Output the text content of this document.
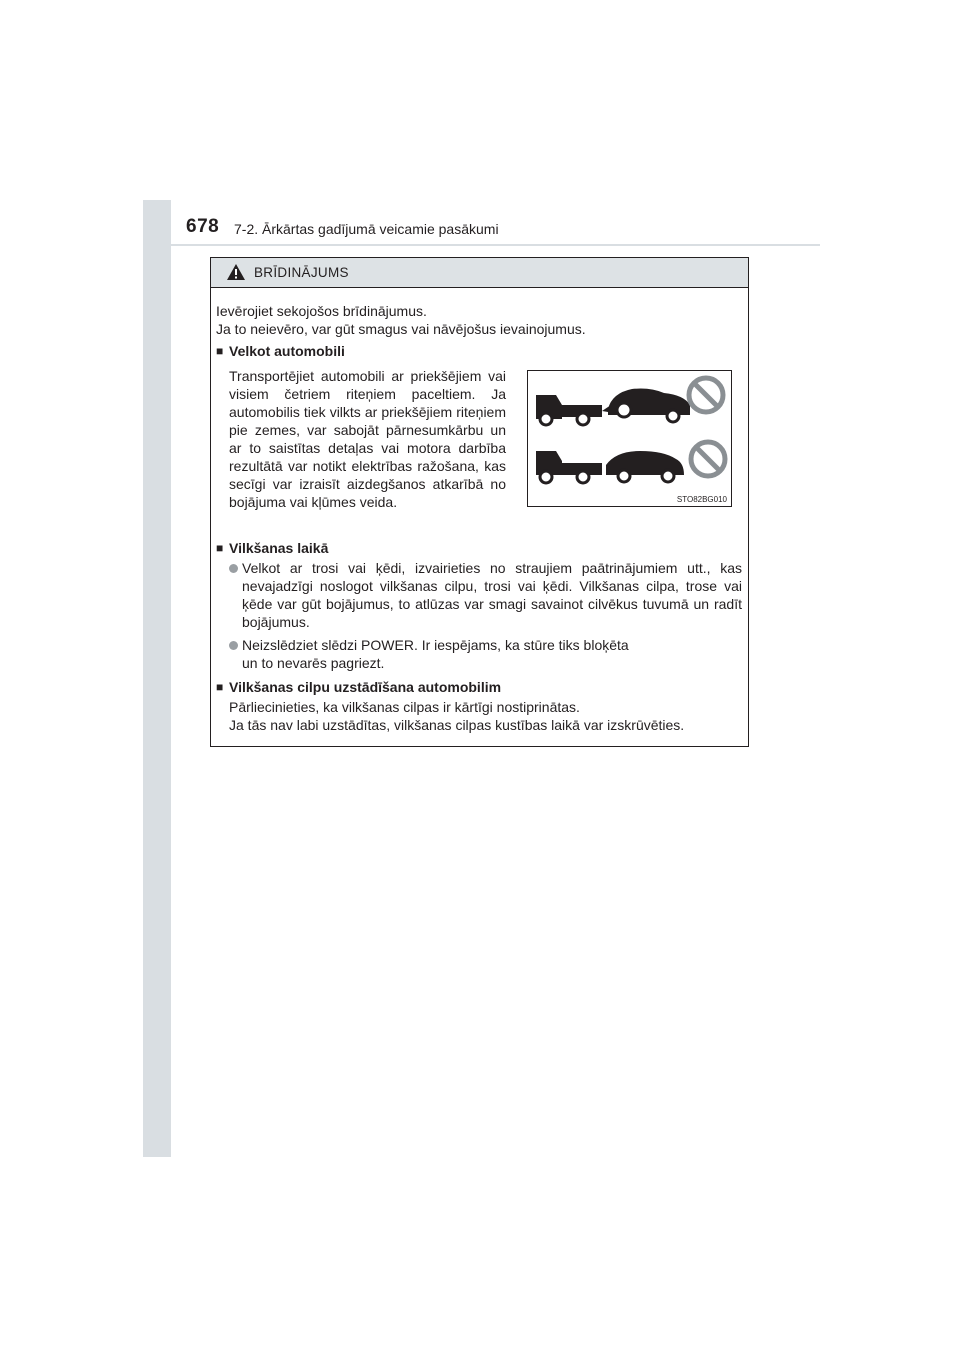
678 7-2. Ārkārtas gadījumā veicamie pasākumi
BRĪDINĀJUMS
Ievērojiet sekojošos brīdinājumus.
Ja to neievēro, var gūt smagus vai nāvējošus ievainojumus.
■ Velkot automobili
Transportējiet automobili ar priekšējiem vai visiem četriem riteņiem paceltiem. Ja automobilis tiek vilkts ar priekšējiem riteņiem pie zemes, var sabojāt pārnesumkārbu un ar to saistītas detaļas vai motora darbība rezultātā var notikt elektrības ražošana, kas secīgi var izraisīt aizdegšanos atkarībā no bojājuma vai kļūmes veida.	STO82BG010
■ Vilkšanas laikā
Velkot ar trosi vai ķēdi, izvairieties no straujiem paātrinājumiem utt., kas nevajadzīgi noslogot vilkšanas cilpu, trosi vai ķēdi. Vilkšanas cilpa, trose vai ķēde var gūt bojājumus, to atlūzas var smagi savainot cilvēkus tuvumā un radīt bojājumus.
Neizslēdziet slēdzi POWER. Ir iespējams, ka stūre tiks bloķēta un to nevarēs pagriezt.
■ Vilkšanas cilpu uzstādīšana automobilim
Pārliecinieties, ka vilkšanas cilpas ir kārtīgi nostiprinātas.
Ja tās nav labi uzstādītas, vilkšanas cilpas kustības laikā var izskrūvēties.
